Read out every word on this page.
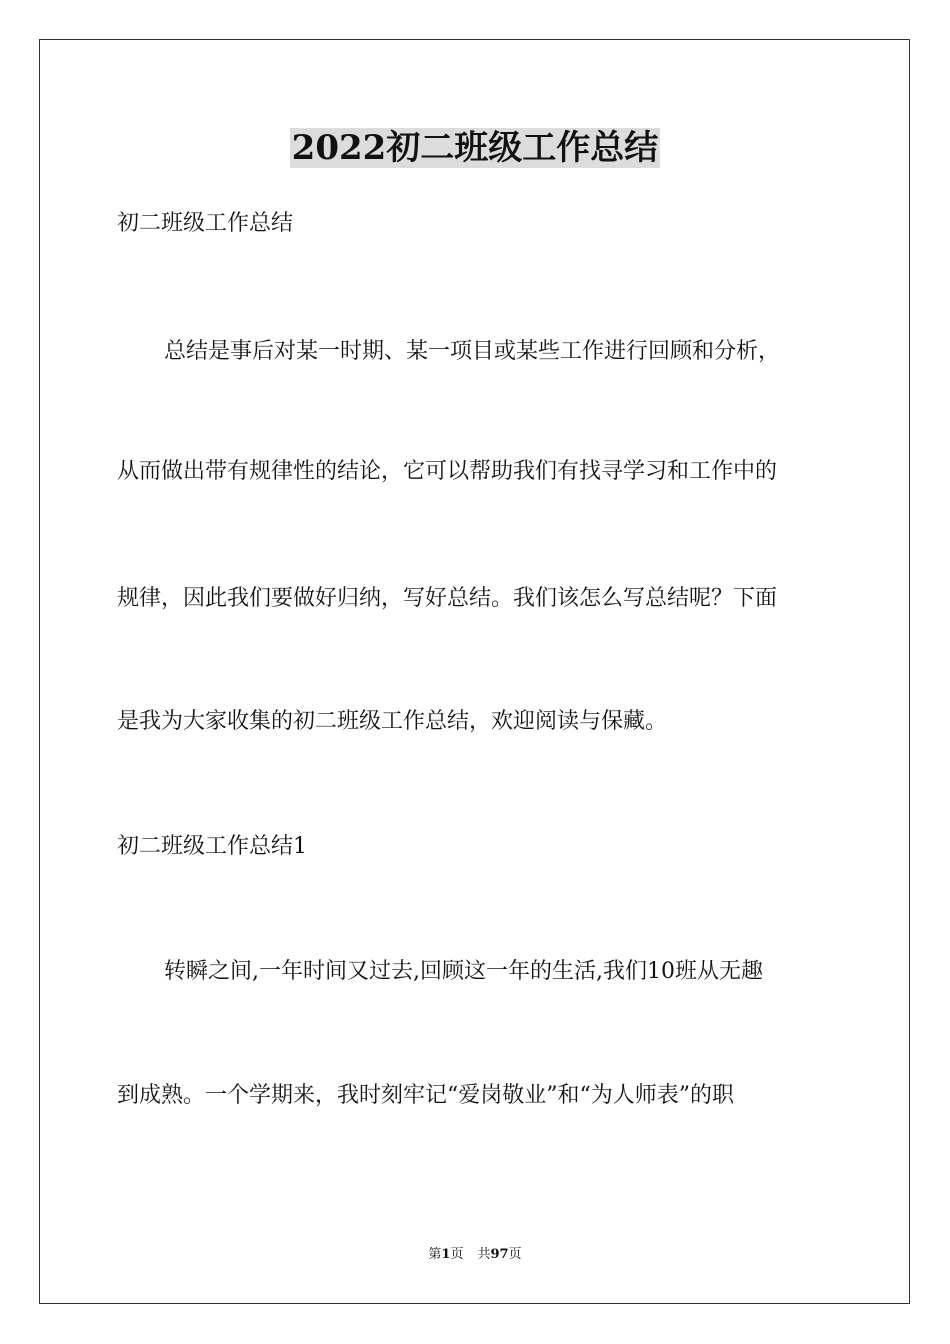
2022初二班级工作总结
初二班级工作总结
总结是事后对某一时期、某一项目或某些工作进行回顾和分析，
从而做出带有规律性的结论，它可以帮助我们有找寻学习和工作中的
规律，因此我们要做好归纳，写好总结。我们该怎么写总结呢？下面
是我为大家收集的初二班级工作总结，欢迎阅读与保藏。
初二班级工作总结1
转瞬之间,一年时间又过去,回顾这一年的生活,我们10班从无趣
到成熟。一个学期来，我时刻牢记“爱岗敬业”和“为人师表”的职
第1页 共97页
